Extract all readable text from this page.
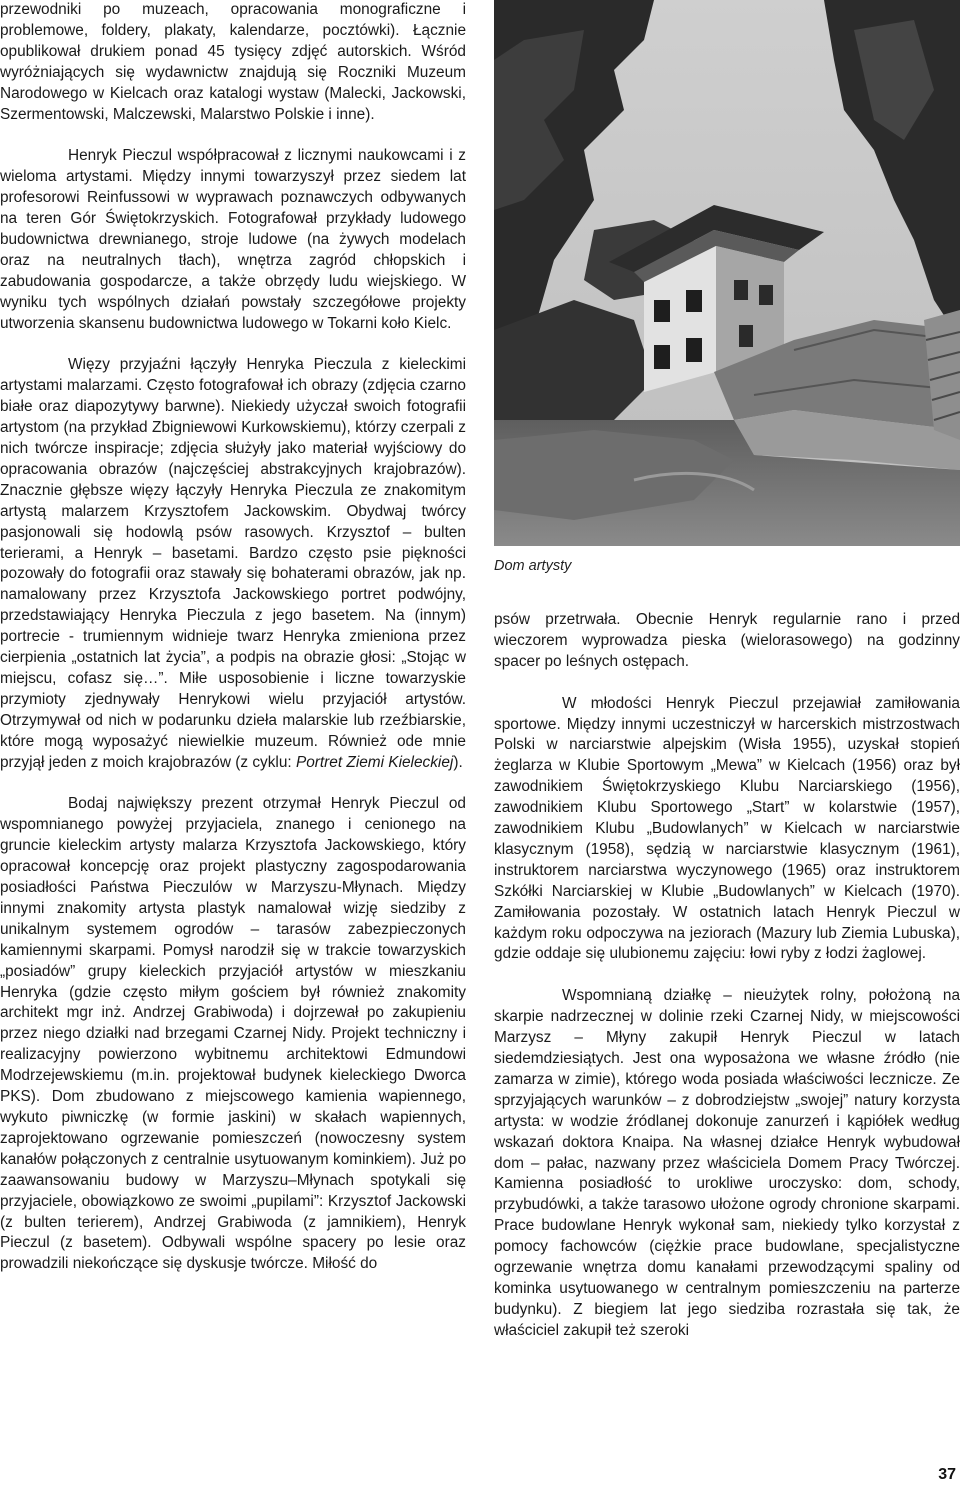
przewodniki po muzeach, opracowania monograficzne i problemowe, foldery, plakaty, kalendarze, pocztówki). Łącznie opublikował drukiem ponad 45 tysięcy zdjęć autorskich. Wśród wyróżniających się wydawnictw znajdują się Roczniki Muzeum Narodowego w Kielcach oraz katalogi wystaw (Malecki, Jackowski, Szermentowski, Malczewski, Malarstwo Polskie i inne).

Henryk Pieczul współpracował z licznymi naukowcami i z wieloma artystami. Między innymi towarzyszył przez siedem lat profesorowi Reinfussowi w wyprawach poznawczych odbywanych na teren Gór Świętokrzyskich. Fotografował przykłady ludowego budownictwa drewnianego, stroje ludowe (na żywych modelach oraz na neutralnych tłach), wnętrza zagród chłopskich i zabudowania gospodarcze, a także obrzędy ludu wiejskiego. W wyniku tych wspólnych działań powstały szczegółowe projekty utworzenia skansenu budownictwa ludowego w Tokarni koło Kielc.

Więzy przyjaźni łączyły Henryka Pieczula z kieleckimi artystami malarzami. Często fotografował ich obrazy (zdjęcia czarno białe oraz diapozytywy barwne). Niekiedy użyczał swoich fotografii artystom (na przykład Zbigniewowi Kurkowskiemu), którzy czerpali z nich twórcze inspiracje; zdjęcia służyły jako materiał wyjściowy do opracowania obrazów (najczęściej abstrakcyjnych krajobrazów). Znacznie głębsze więzy łączyły Henryka Pieczula ze znakomitym artystą malarzem Krzysztofem Jackowskim. Obydwaj twórcy pasjonowali się hodowlą psów rasowych. Krzysztof – bulten terierami, a Henryk – basetami. Bardzo często psie piękności pozowały do fotografii oraz stawały się bohaterami obrazów, jak np. namalowany przez Krzysztofa Jackowskiego portret podwójny, przedstawiający Henryka Pieczula z jego basetem. Na (innym) portrecie - trumiennym widnieje twarz Henryka zmieniona przez cierpienia „ostatnich lat życia”, a podpis na obrazie głosi: „Stojąc w miejscu, cofasz się…”. Miłe usposobienie i liczne towarzyskie przymioty zjednywały Henrykowi wielu przyjaciół artystów. Otrzymywał od nich w podarunku dzieła malarskie lub rzeźbiarskie, które mogą wyposażyć niewielkie muzeum. Również ode mnie przyjął jeden z moich krajobrazów (z cyklu: Portret Ziemi Kieleckiej).

Bodaj największy prezent otrzymał Henryk Pieczul od wspomnianego powyżej przyjaciela, znanego i cenionego na gruncie kieleckim artysty malarza Krzysztofa Jackowskiego, który opracował koncepcję oraz projekt plastyczny zagospodarowania posiadłości Państwa Pieczulów w Marzyszu-Młynach. Między innymi znakomity artysta plastyk namalował wizję siedziby z unikalnym systemem ogrodów – tarasów zabezpieczonych kamiennymi skarpami. Pomysł narodził się w trakcie towarzyskich „posiadów” grupy kieleckich przyjaciół artystów w mieszkaniu Henryka (gdzie często miłym gościem był również znakomity architekt mgr inż. Andrzej Grabiwoda) i dojrzewał po zakupieniu przez niego działki nad brzegami Czarnej Nidy. Projekt techniczny i realizacyjny powierzono wybitnemu architektowi Edmundowi Modrzejewskiemu (m.in. projektował budynek kieleckiego Dworca PKS). Dom zbudowano z miejscowego kamienia wapiennego, wykuto piwniczkę (w formie jaskini) w skałach wapiennych, zaprojektowano ogrzewanie pomieszczeń (nowoczesny system kanałów połączonych z centralnie usytuowanym kominkiem). Już po zaawansowaniu budowy w Marzyszu–Młynach spotykali się przyjaciele, obowiązkowo ze swoimi „pupilami”: Krzysztof Jackowski (z bulten terierem), Andrzej Grabiwoda (z jamnikiem), Henryk Pieczul (z basetem). Odbywali wspólne spacery po lesie oraz prowadzili niekończące się dyskusje twórcze. Miłość do

Dom artysty

psów przetrwała. Obecnie Henryk regularnie rano i przed wieczorem wyprowadza pieska (wielorasowego) na godzinny spacer po leśnych ostępach.

W młodości Henryk Pieczul przejawiał zamiłowania sportowe. Między innymi uczestniczył w harcerskich mistrzostwach Polski w narciarstwie alpejskim (Wisła 1955), uzyskał stopień żeglarza w Klubie Sportowym „Mewa” w Kielcach (1956) oraz był zawodnikiem Świętokrzyskiego Klubu Narciarskiego (1956), zawodnikiem Klubu Sportowego „Start” w kolarstwie (1957), zawodnikiem Klubu „Budowlanych” w Kielcach w narciarstwie klasycznym (1958), sędzią w narciarstwie klasycznym (1961), instruktorem narciarstwa wyczynowego (1965) oraz instruktorem Szkółki Narciarskiej w Klubie „Budowlanych” w Kielcach (1970). Zamiłowania pozostały. W ostatnich latach Henryk Pieczul w każdym roku odpoczywa na jeziorach (Mazury lub Ziemia Lubuska), gdzie oddaje się ulubionemu zajęciu: łowi ryby z łodzi żaglowej.

Wspomnianą działkę – nieużytek rolny, położoną na skarpie nadrzecznej w dolinie rzeki Czarnej Nidy, w miejscowości Marzysz – Młyny zakupił Henryk Pieczul w latach siedemdziesiątych. Jest ona wyposażona we własne źródło (nie zamarza w zimie), którego woda posiada właściwości lecznicze. Ze sprzyjających warunków – z dobrodziejstw „swojej” natury korzysta artysta: w wodzie źródlanej dokonuje zanurzeń i kąpiółek według wskazań doktora Knaipa. Na własnej działce Henryk wybudował dom – pałac, nazwany przez właściciela Domem Pracy Twórczej. Kamienna posiadłość to urokliwe uroczysko: dom, schody, przybudówki, a także tarasowo ułożone ogrody chronione skarpami. Prace budowlane Henryk wykonał sam, niekiedy tylko korzystał z pomocy fachowców (ciężkie prace budowlane, specjalistyczne ogrzewanie wnętrza domu kanałami przewodzącymi spaliny od kominka usytuowanego w centralnym pomieszczeniu na parterze budynku). Z biegiem lat jego siedziba rozrastała się tak, że właściciel zakupił też szeroki

37
